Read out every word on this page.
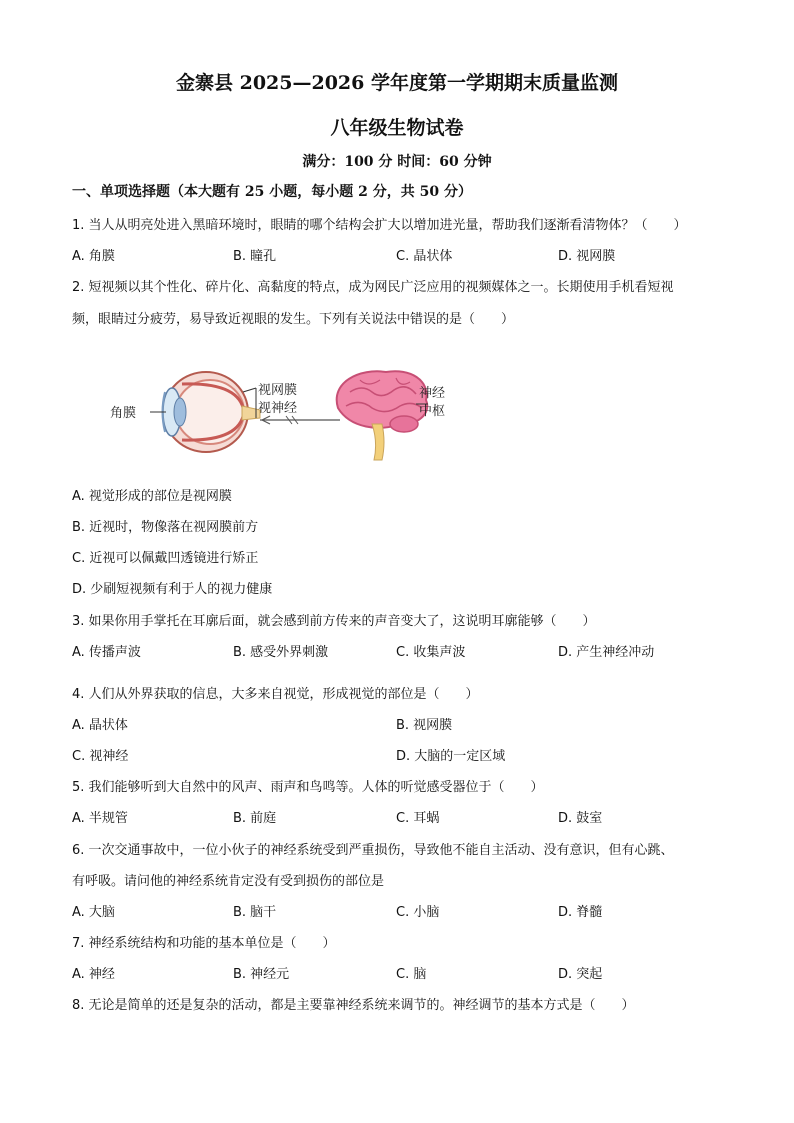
金寨县 2025—2026 学年度第一学期期末质量监测
八年级生物试卷
满分：100 分 时间：60 分钟
一、单项选择题（本大题有 25 小题，每小题 2 分，共 50 分）
1. 当人从明亮处进入黑暗环境时，眼睛的哪个结构会扩大以增加进光量，帮助我们逐渐看清物体？（　　）
A. 角膜	B. 瞳孔	C. 晶状体	D. 视网膜
2. 短视频以其个性化、碎片化、高黏度的特点，成为网民广泛应用的视频媒体之一。长期使用手机看短视
频，眼睛过分疲劳，易导致近视眼的发生。下列有关说法中错误的是（　　）
角膜
视网膜
视神经
神经
中枢
A. 视觉形成的部位是视网膜
B. 近视时，物像落在视网膜前方
C. 近视可以佩戴凹透镜进行矫正
D. 少刷短视频有利于人的视力健康
3. 如果你用手掌托在耳廓后面，就会感到前方传来的声音变大了，这说明耳廓能够（　　）
A. 传播声波	B. 感受外界刺激	C. 收集声波	D. 产生神经冲动
4. 人们从外界获取的信息，大多来自视觉，形成视觉的部位是（　　）
A. 晶状体	B. 视网膜
C. 视神经	D. 大脑的一定区域
5. 我们能够听到大自然中的风声、雨声和鸟鸣等。人体的听觉感受器位于（　　）
A. 半规管	B. 前庭	C. 耳蜗	D. 鼓室
6. 一次交通事故中，一位小伙子的神经系统受到严重损伤，导致他不能自主活动、没有意识，但有心跳、
有呼吸。请问他的神经系统肯定没有受到损伤的部位是
A. 大脑	B. 脑干	C. 小脑	D. 脊髓
7. 神经系统结构和功能的基本单位是（　　）
A. 神经	B. 神经元	C. 脑	D. 突起
8. 无论是简单的还是复杂的活动，都是主要靠神经系统来调节的。神经调节的基本方式是（　　）
